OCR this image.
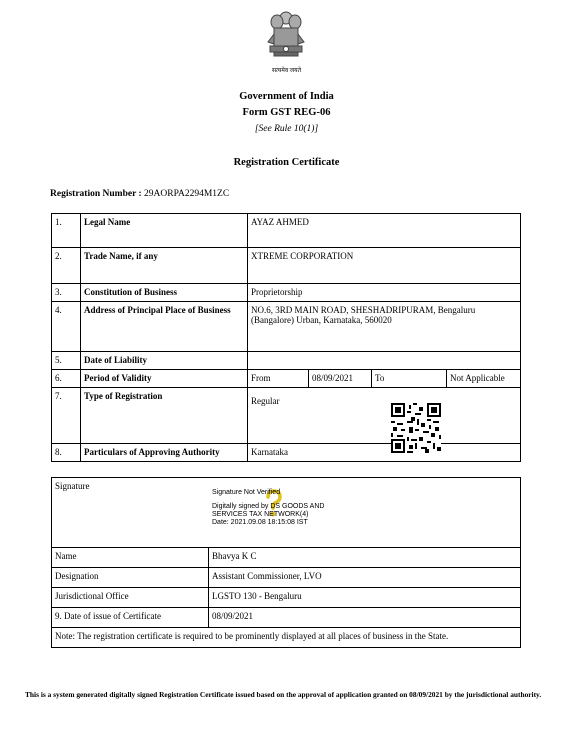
सत्यमेव जयते
Government of India
Form GST REG-06
[See Rule 10(1)]
Registration Certificate
Registration Number : 29AORPA2294M1ZC
1.	Legal Name	AYAZ AHMED			
2.	Trade Name, if any	XTREME CORPORATION			
3.	Constitution of Business	Proprietorship			
4.	Address of Principal Place of Business	NO.6, 3RD MAIN ROAD, SHESHADRIPURAM, Bengaluru (Bangalore) Urban, Karnataka, 560020			
5.	Date of Liability				
6.	Period of Validity	From	08/09/2021	To	Not Applicable
7.	Type of Registration	Regular			
8.	Particulars of Approving Authority	Karnataka			
Signature	
Name	Bhavya K C
Designation	Assistant Commissioner, LVO
Jurisdictional Office	LGSTO 130 - Bengaluru
9. Date of issue of Certificate	08/09/2021
Note: The registration certificate is required to be prominently displayed at all places of business in the State.	
Signature Not Verified
Digitally signed by DS GOODS AND
SERVICES TAX NETWORK(4)
Date: 2021.09.08 18:15:08 IST
This is a system generated digitally signed Registration Certificate issued based on the approval of application granted on 08/09/2021 by the jurisdictional authority.
